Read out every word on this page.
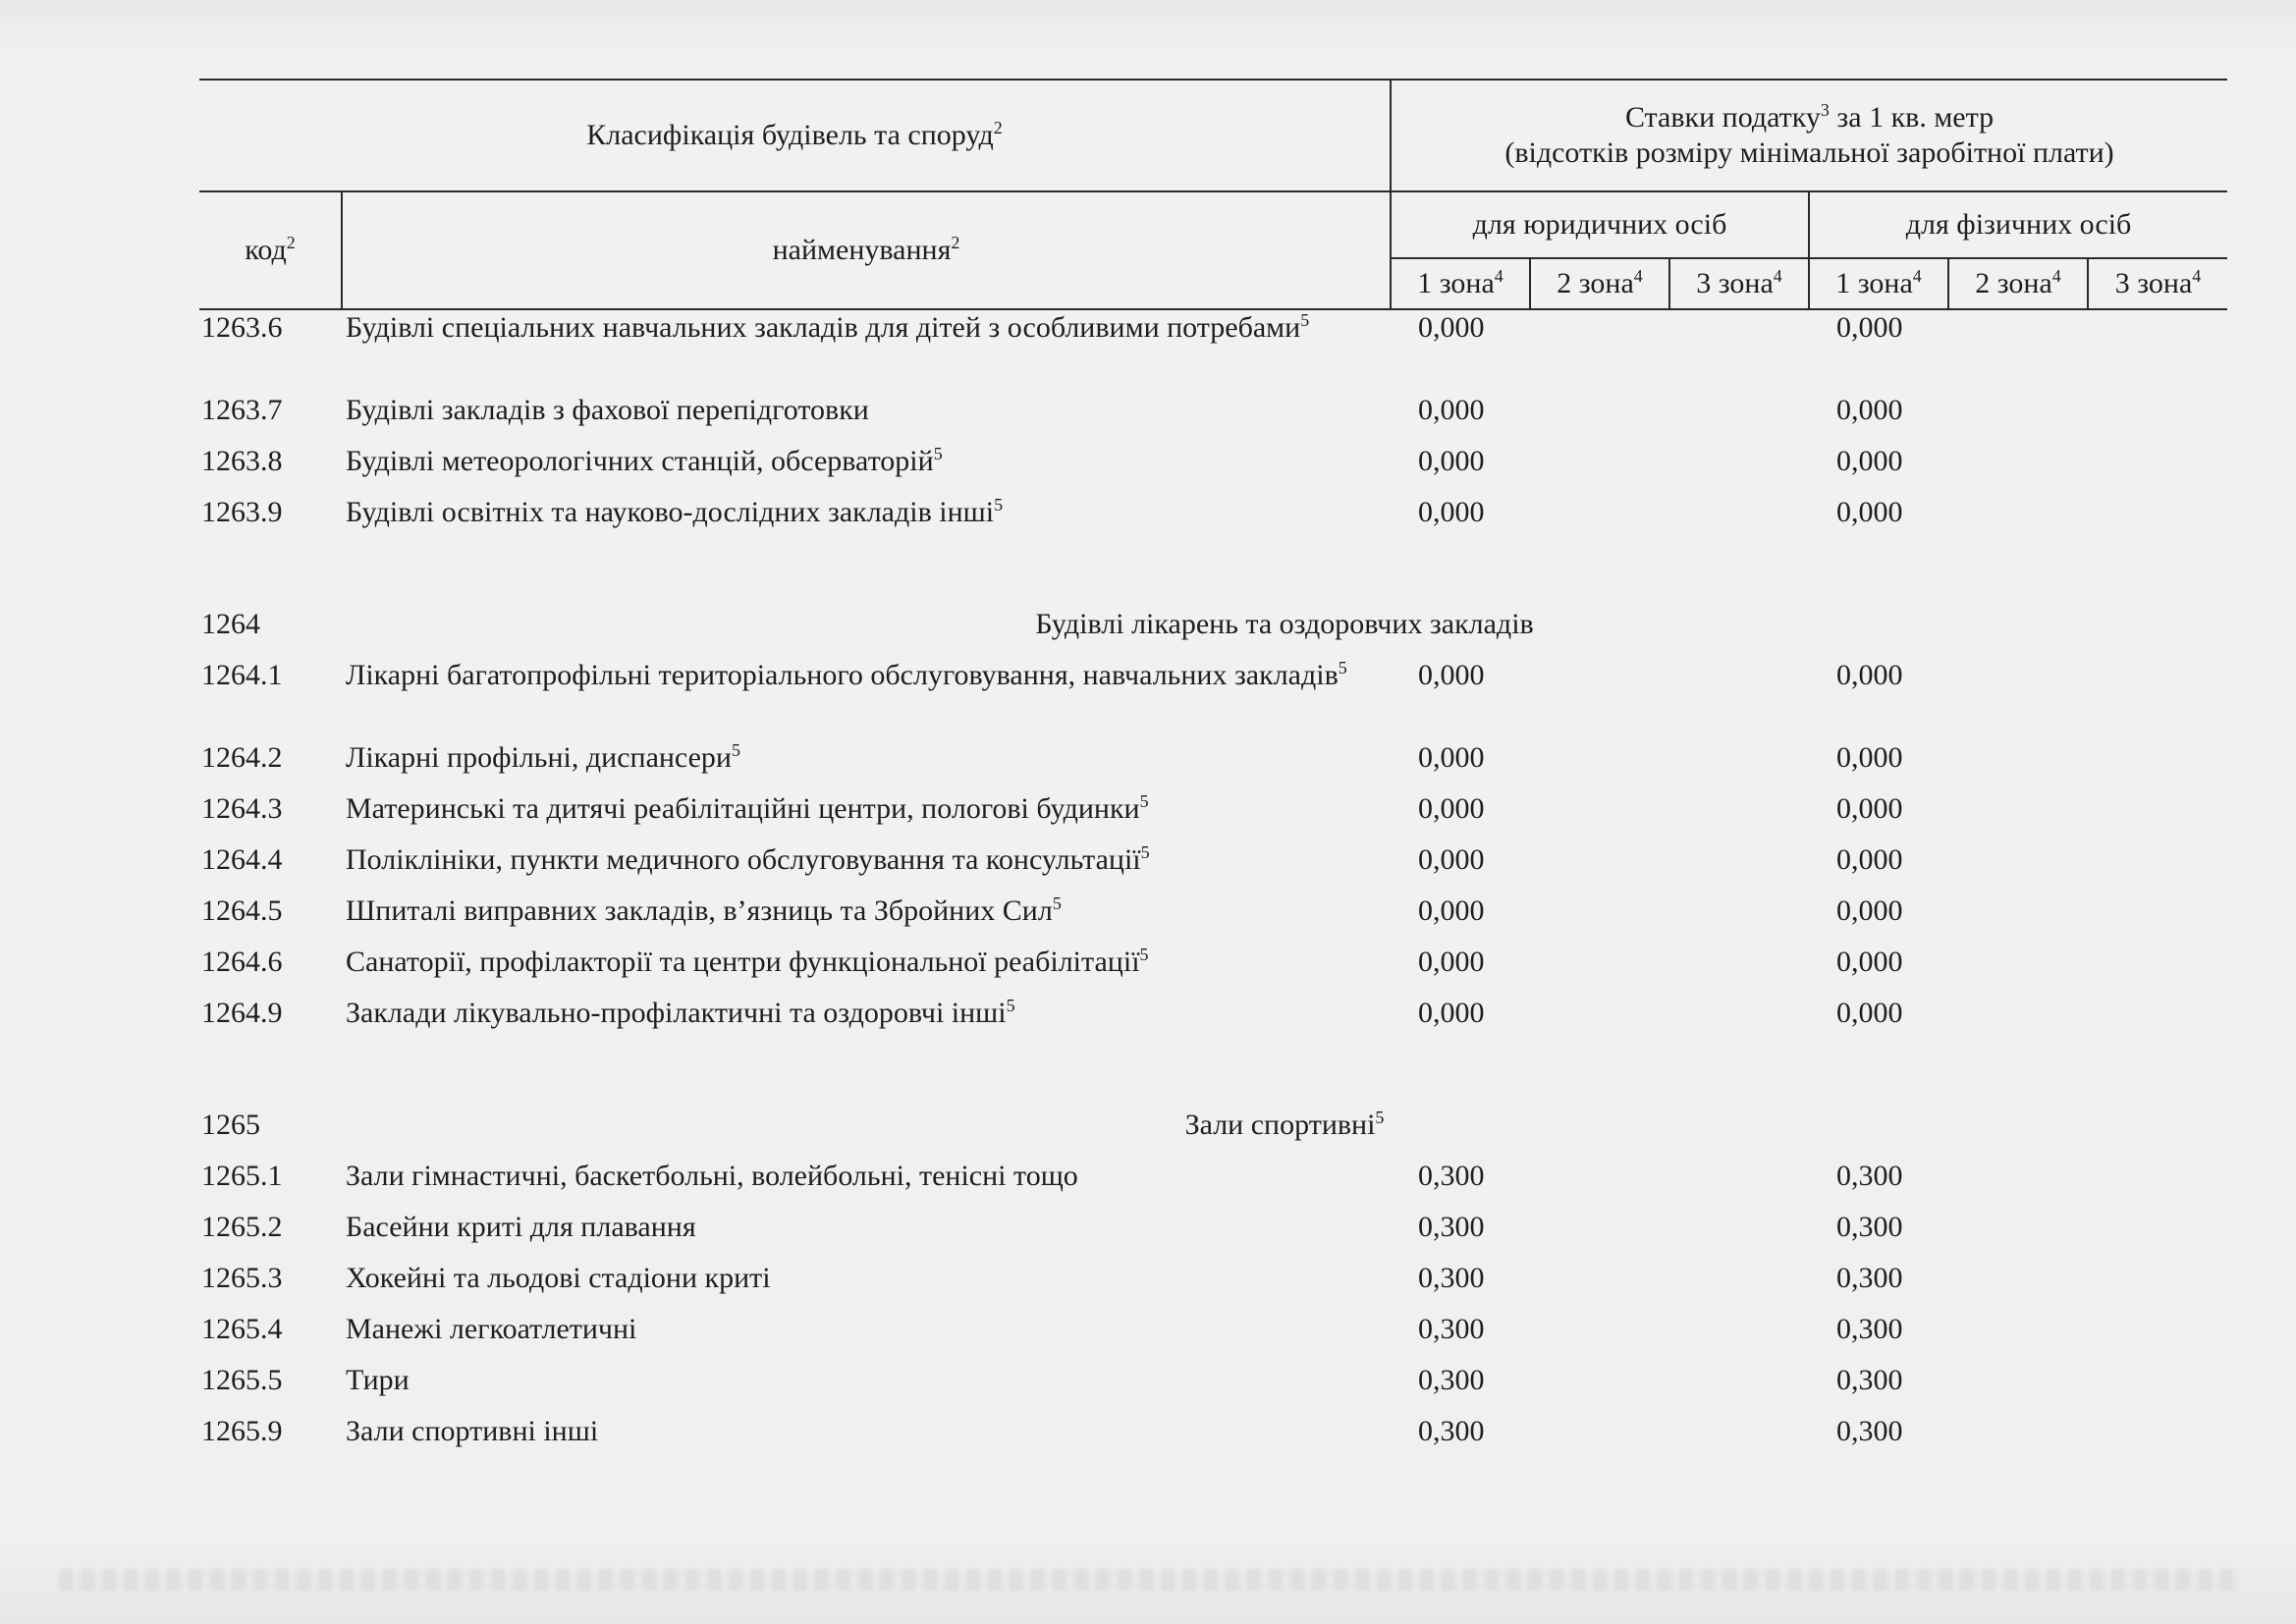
Класифікація будівель та споруд$^2$		Ставки податку$^3$ за 1 кв. метр
(відсотків розміру мінімальної заробітної плати)					
код$^2$	найменування$^2$	для юридичних осіб			для фізичних осіб		
		1 зона$^4$	2 зона$^4$	3 зона$^4$	1 зона$^4$	2 зона$^4$	3 зона$^4$
1263.6	Будівлі спеціальних навчальних закладів для дітей з особливими потребами$^5$	0,000			0,000		
1263.7	Будівлі закладів з фахової перепідготовки	0,000			0,000		
1263.8	Будівлі метеорологічних станцій, обсерваторій$^5$	0,000			0,000		
1263.9	Будівлі освітніх та науково-дослідних закладів інші$^5$	0,000			0,000		

1264	Будівлі лікарень та оздоровчих закладів						
1264.1	Лікарні багатопрофільні територіального обслуговування, навчальних закладів$^5$	0,000			0,000		
1264.2	Лікарні профільні, диспансери$^5$	0,000			0,000		
1264.3	Материнські та дитячі реабілітаційні центри, пологові будинки$^5$	0,000			0,000		
1264.4	Поліклініки, пункти медичного обслуговування та консультації$^5$	0,000			0,000		
1264.5	Шпиталі виправних закладів, в’язниць та Збройних Сил$^5$	0,000			0,000		
1264.6	Санаторії, профілакторії та центри функціональної реабілітації$^5$	0,000			0,000		
1264.9	Заклади лікувально-профілактичні та оздоровчі інші$^5$	0,000			0,000		

1265	Зали спортивні$^5$
1265.1	Зали гімнастичні, баскетбольні, волейбольні, тенісні тощо	0,300			0,300		
1265.2	Басейни криті для плавання	0,300			0,300		
1265.3	Хокейні та льодові стадіони криті	0,300			0,300		
1265.4	Манежі легкоатлетичні	0,300			0,300		
1265.5	Тири	0,300			0,300		
1265.9	Зали спортивні інші	0,300			0,300		
